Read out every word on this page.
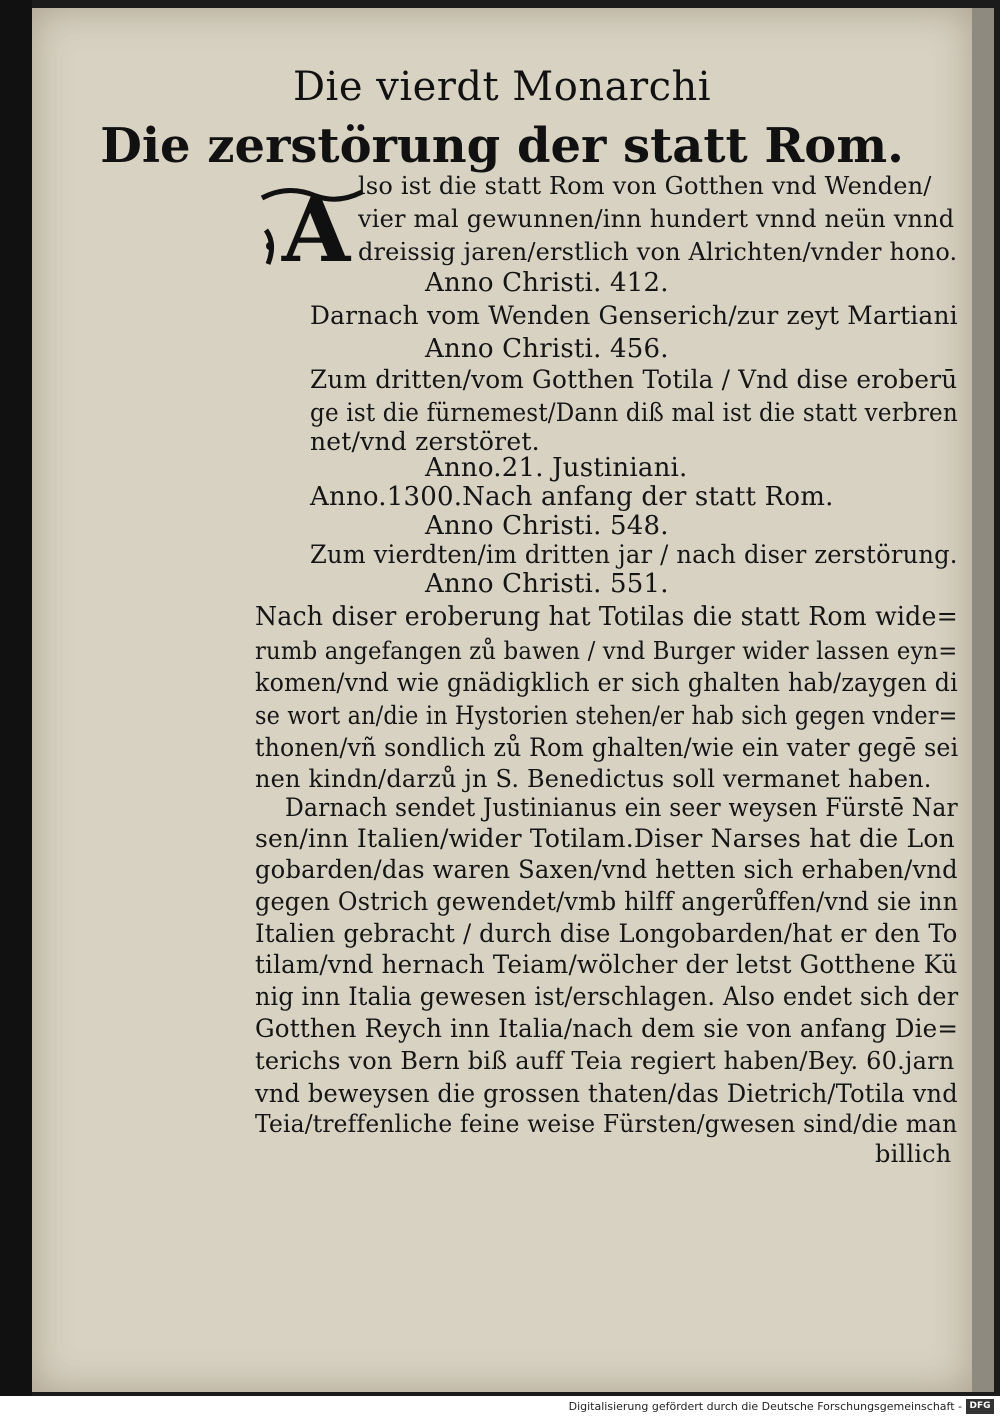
Die vierdt Monarchi
Die zerstörung der statt Rom.
A lso ist die statt Rom von Gotthen vnd Wenden/
vier mal gewunnen/inn hundert vnnd neün vnnd
dreissig jaren/erstlich von Alrichten/vnder hono.
Anno Christi. 412.
Darnach vom Wenden Genserich/zur zeyt Martiani
Anno Christi. 456.
Zum dritten/vom Gotthen Totila / Vnd dise eroberū
ge ist die fürnemest/Dann diß mal ist die statt verbren
net/vnd zerstöret.
Anno.21. Justiniani.
Anno.1300.Nach anfang der statt Rom.
Anno Christi. 548.
Zum vierdten/im dritten jar / nach diser zerstörung.
Anno Christi. 551.
Nach diser eroberung hat Totilas die statt Rom wide=
rumb angefangen zů bawen / vnd Burger wider lassen eyn=
komen/vnd wie gnädigklich er sich ghalten hab/zaygen di
se wort an/die in Hystorien stehen/er hab sich gegen vnder=
thonen/vñ sondlich zů Rom ghalten/wie ein vater gegē sei
nen kindn/darzů jn S. Benedictus soll vermanet haben.
Darnach sendet Justinianus ein seer weysen Fürstē Nar
sen/inn Italien/wider Totilam.Diser Narses hat die Lon
gobarden/das waren Saxen/vnd hetten sich erhaben/vnd
gegen Ostrich gewendet/vmb hilff angerůffen/vnd sie inn
Italien gebracht / durch dise Longobarden/hat er den To
tilam/vnd hernach Teiam/wölcher der letst Gotthene Kü
nig inn Italia gewesen ist/erschlagen. Also endet sich der
Gotthen Reych inn Italia/nach dem sie von anfang Die=
terichs von Bern biß auff Teia regiert haben/Bey. 60.jarn
vnd beweysen die grossen thaten/das Dietrich/Totila vnd
Teia/treffenliche feine weise Fürsten/gwesen sind/die man
billich
Digitalisierung gefördert durch die Deutsche Forschungsgemeinschaft - DFG
